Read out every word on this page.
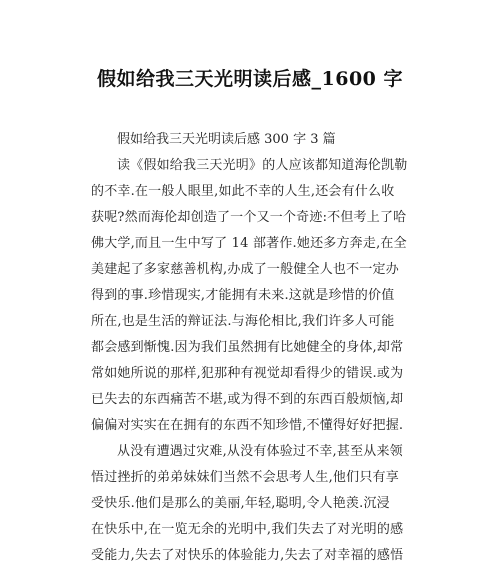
假如给我三天光明读后感_1600 字
假如给我三天光明读后感 300 字 3 篇
读《假如给我三天光明》的人应该都知道海伦凯勒
的不幸.在一般人眼里,如此不幸的人生,还会有什么收
获呢?然而海伦却创造了一个又一个奇迹:不但考上了哈
佛大学,而且一生中写了 14 部著作.她还多方奔走,在全
美建起了多家慈善机构,办成了一般健全人也不一定办
得到的事.珍惜现实,才能拥有未来.这就是珍惜的价值
所在,也是生活的辩证法.与海伦相比,我们许多人可能
都会感到惭愧.因为我们虽然拥有比她健全的身体,却常
常如她所说的那样,犯那种有视觉却看得少的错误.或为
已失去的东西痛苦不堪,或为得不到的东西百般烦恼,却
偏偏对实实在在拥有的东西不知珍惜,不懂得好好把握.
从没有遭遇过灾难,从没有体验过不幸,甚至从来领
悟过挫折的弟弟妹妹们当然不会思考人生,他们只有享
受快乐.他们是那么的美丽,年轻,聪明,令人艳羡.沉浸
在快乐中,在一览无余的光明中,我们失去了对光明的感
受能力,失去了对快乐的体验能力,失去了对幸福的感悟
